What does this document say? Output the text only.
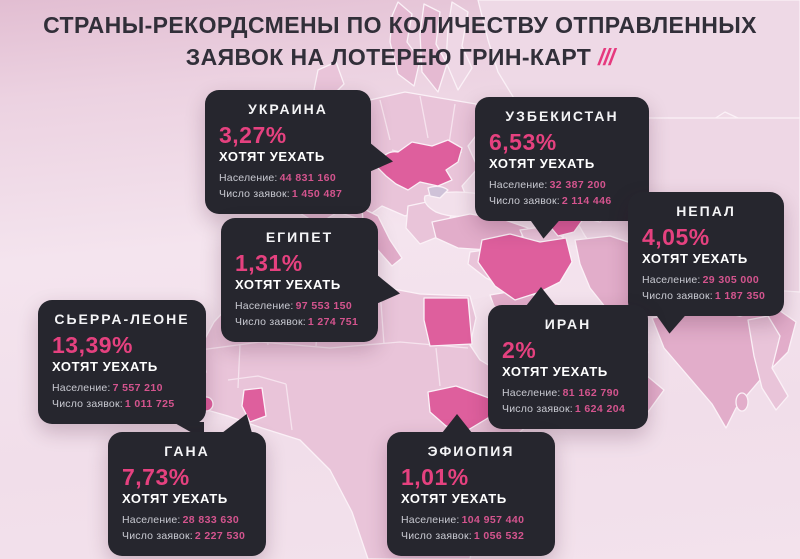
СТРАНЫ-РЕКОРДСМЕНЫ ПО КОЛИЧЕСТВУ ОТПРАВЛЕННЫХ
ЗАЯВОК НА ЛОТЕРЕЮ ГРИН-КАРТ ///
УКРАИНА
3,27%
ХОТЯТ УЕХАТЬ
Население: 44 831 160
Число заявок: 1 450 487
УЗБЕКИСТАН
6,53%
ХОТЯТ УЕХАТЬ
Население: 32 387 200
Число заявок: 2 114 446
НЕПАЛ
4,05%
ХОТЯТ УЕХАТЬ
Население: 29 305 000
Число заявок: 1 187 350
ЕГИПЕТ
1,31%
ХОТЯТ УЕХАТЬ
Население: 97 553 150
Число заявок: 1 274 751
СЬЕРРА-ЛЕОНЕ
13,39%
ХОТЯТ УЕХАТЬ
Население: 7 557 210
Число заявок: 1 011 725
ИРАН
2%
ХОТЯТ УЕХАТЬ
Население: 81 162 790
Число заявок: 1 624 204
ГАНА
7,73%
ХОТЯТ УЕХАТЬ
Население: 28 833 630
Число заявок: 2 227 530
ЭФИОПИЯ
1,01%
ХОТЯТ УЕХАТЬ
Население: 104 957 440
Число заявок: 1 056 532
